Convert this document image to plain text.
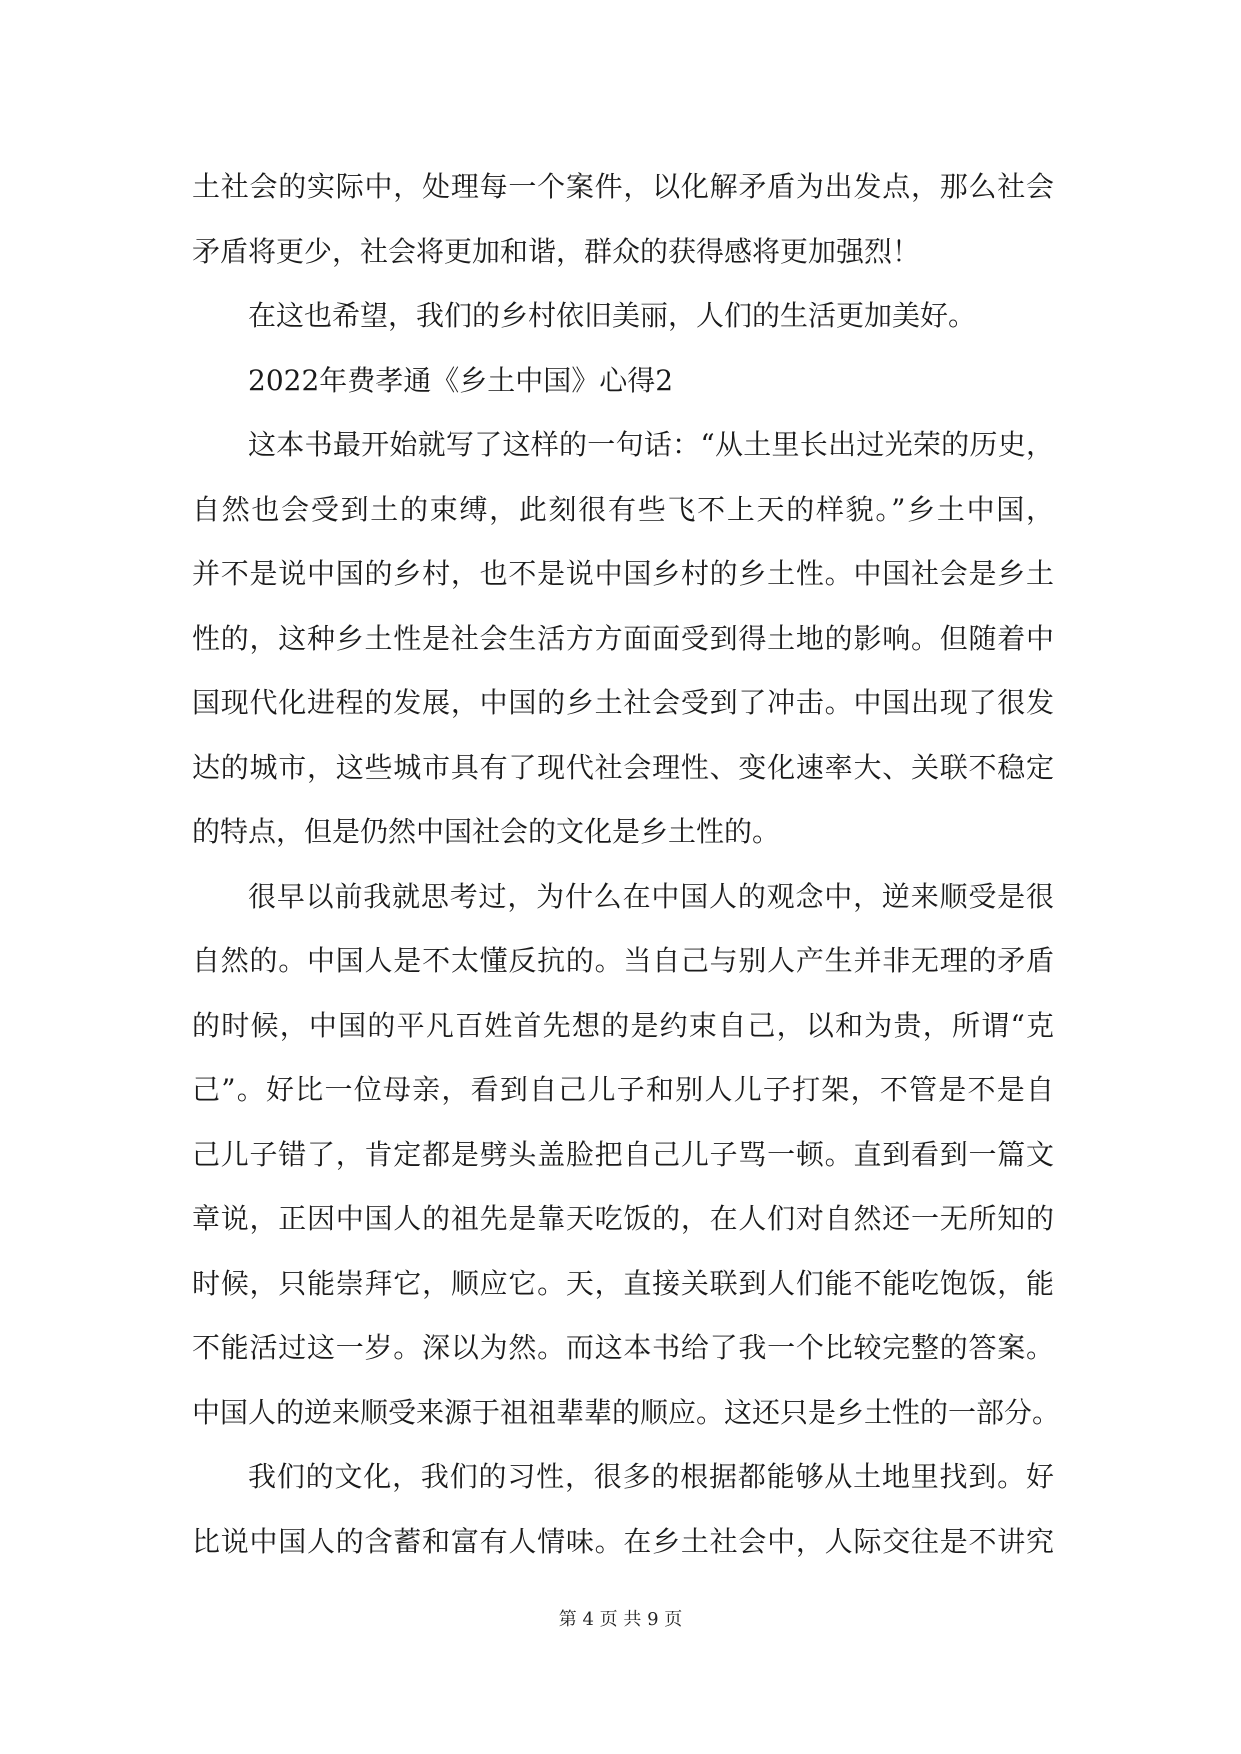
土社会的实际中，处理每一个案件，以化解矛盾为出发点，那么社会
矛盾将更少，社会将更加和谐，群众的获得感将更加强烈！
在这也希望，我们的乡村依旧美丽，人们的生活更加美好。
2022年费孝通《乡土中国》心得2
这本书最开始就写了这样的一句话：“从土里长出过光荣的历史，
自然也会受到土的束缚，此刻很有些飞不上天的样貌。”乡土中国，
并不是说中国的乡村，也不是说中国乡村的乡土性。中国社会是乡土
性的，这种乡土性是社会生活方方面面受到得土地的影响。但随着中
国现代化进程的发展，中国的乡土社会受到了冲击。中国出现了很发
达的城市，这些城市具有了现代社会理性、变化速率大、关联不稳定
的特点，但是仍然中国社会的文化是乡土性的。
很早以前我就思考过，为什么在中国人的观念中，逆来顺受是很
自然的。中国人是不太懂反抗的。当自己与别人产生并非无理的矛盾
的时候，中国的平凡百姓首先想的是约束自己，以和为贵，所谓“克
己”。好比一位母亲，看到自己儿子和别人儿子打架，不管是不是自
己儿子错了，肯定都是劈头盖脸把自己儿子骂一顿。直到看到一篇文
章说，正因中国人的祖先是靠天吃饭的，在人们对自然还一无所知的
时候，只能崇拜它，顺应它。天，直接关联到人们能不能吃饱饭，能
不能活过这一岁。深以为然。而这本书给了我一个比较完整的答案。
中国人的逆来顺受来源于祖祖辈辈的顺应。这还只是乡土性的一部分。
我们的文化，我们的习性，很多的根据都能够从土地里找到。好
比说中国人的含蓄和富有人情味。在乡土社会中，人际交往是不讲究
第 4 页 共 9 页
